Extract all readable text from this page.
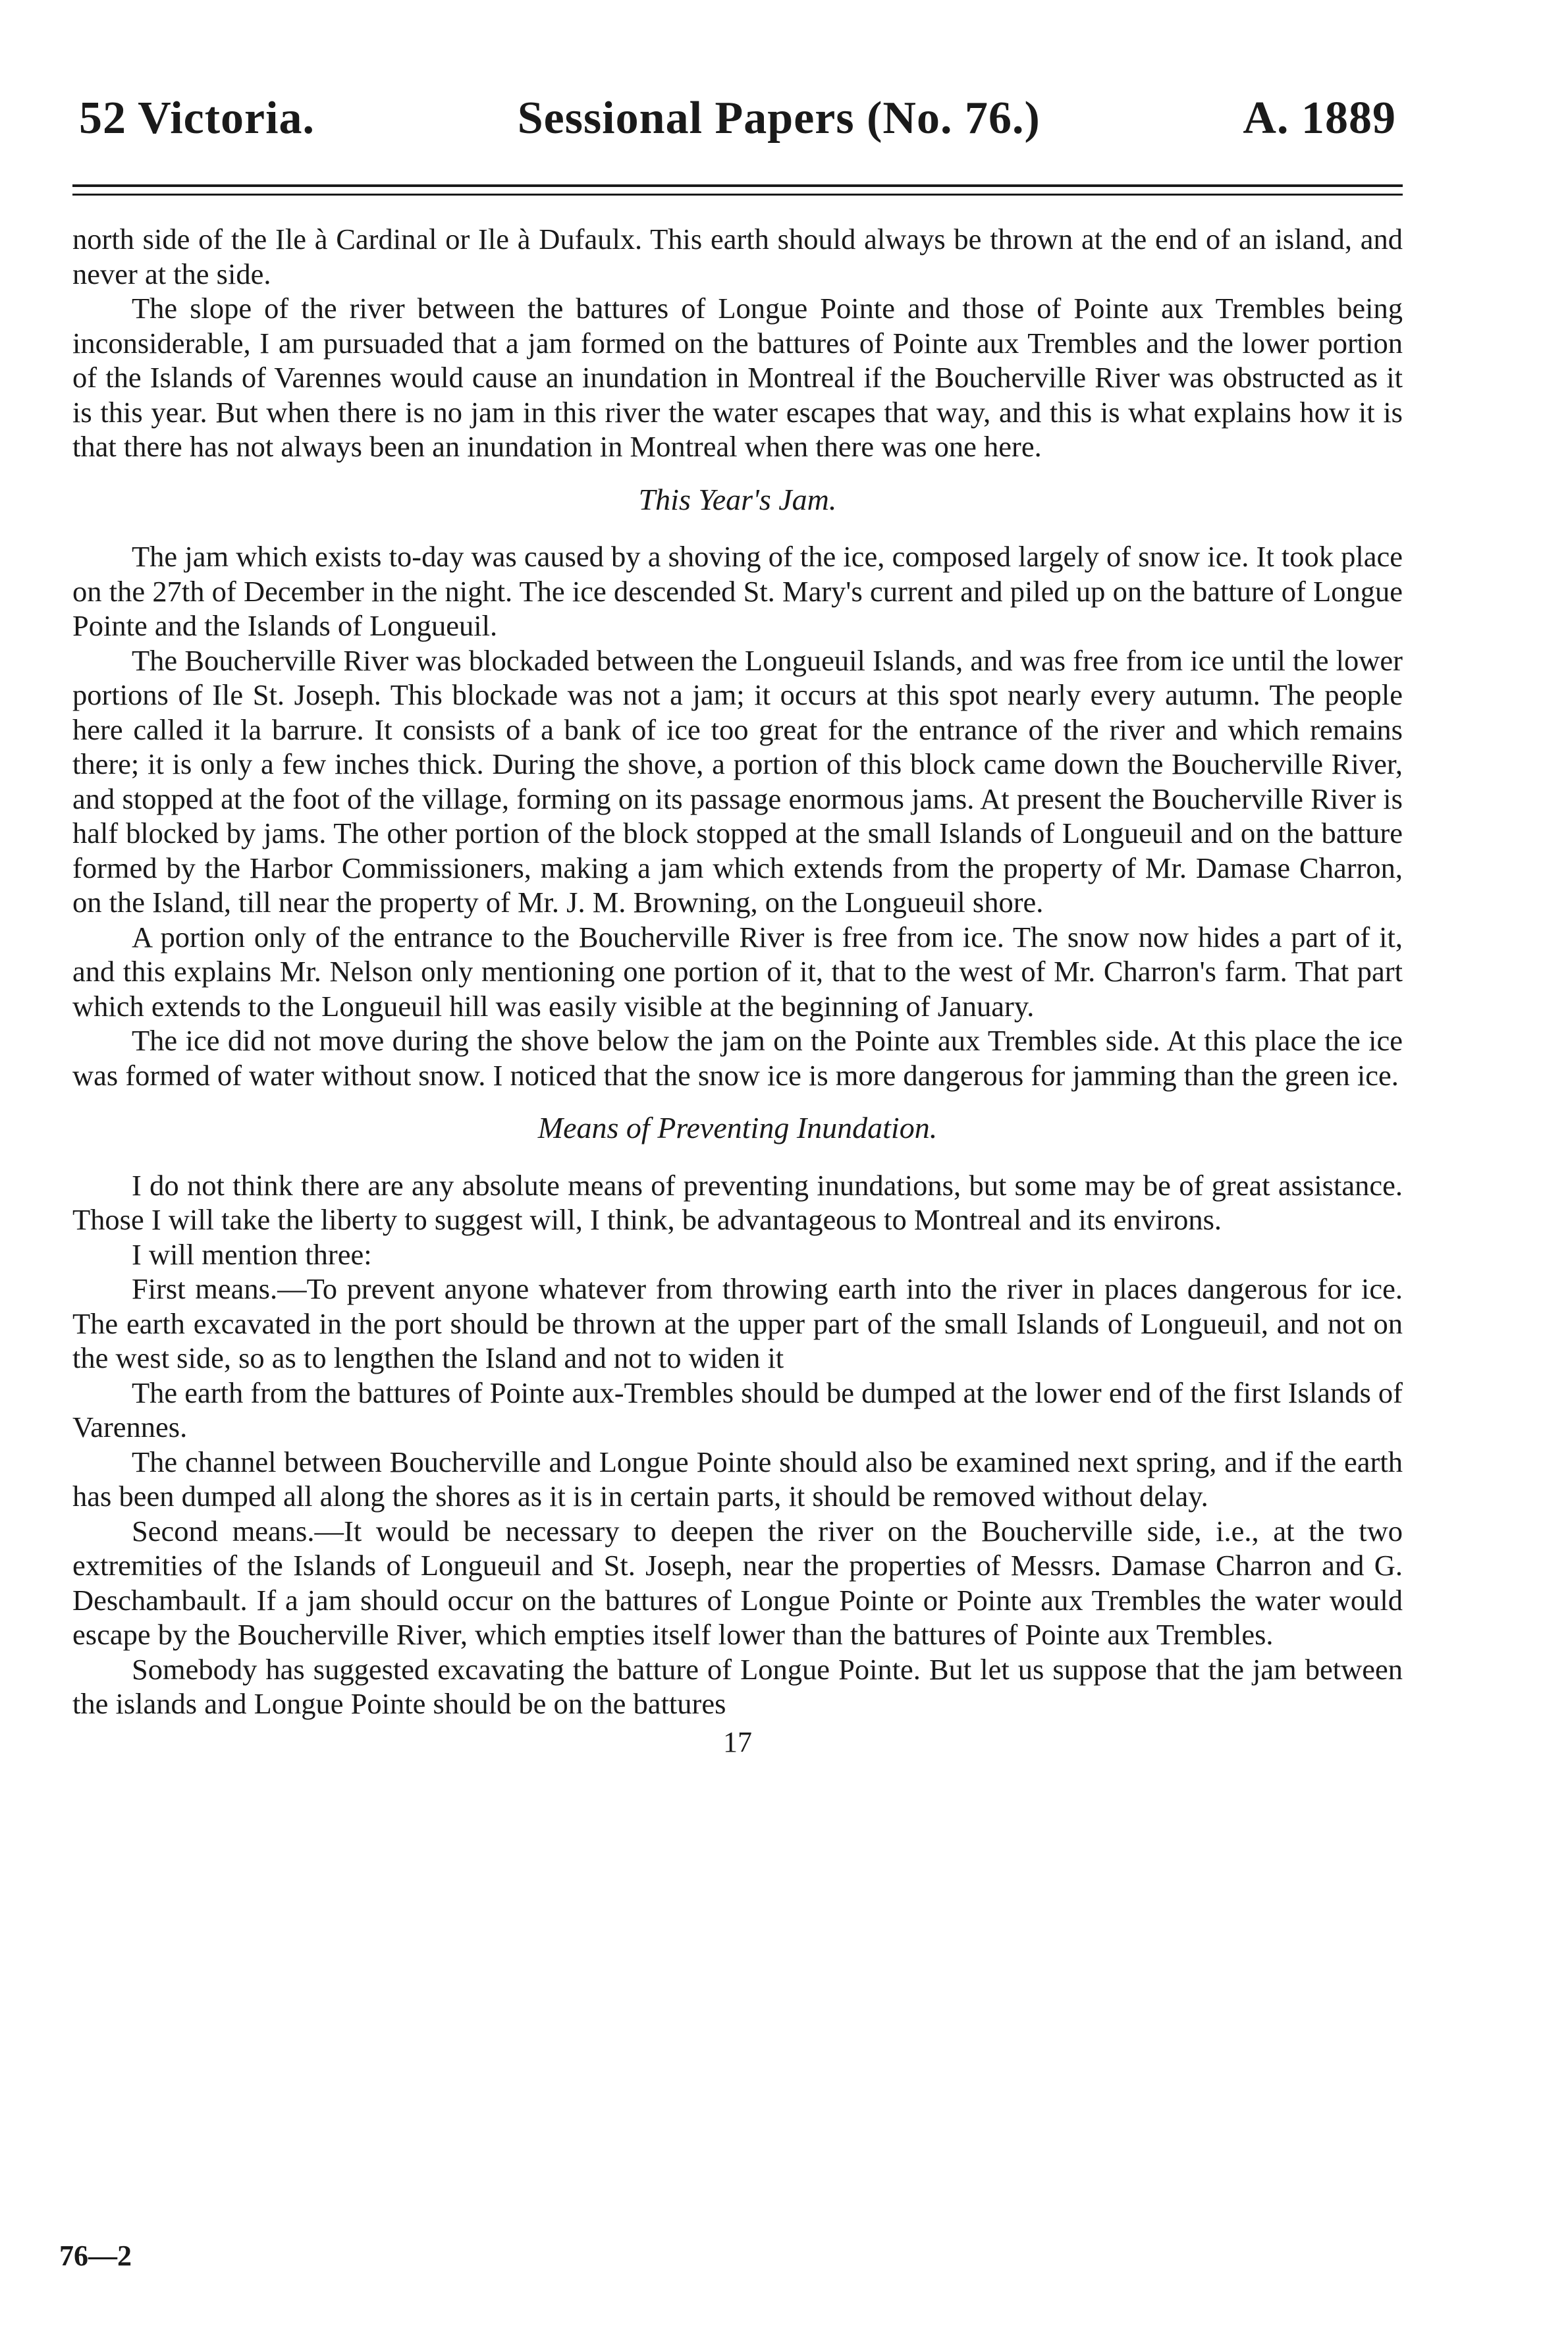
52 Victoria.	Sessional Papers (No. 76.)	A. 1889

north side of the Ile à Cardinal or Ile à Dufaulx. This earth should always be thrown at the end of an island, and never at the side.

The slope of the river between the battures of Longue Pointe and those of Pointe aux Trembles being inconsiderable, I am pursuaded that a jam formed on the battures of Pointe aux Trembles and the lower portion of the Islands of Varennes would cause an inundation in Montreal if the Boucherville River was obstructed as it is this year. But when there is no jam in this river the water escapes that way, and this is what explains how it is that there has not always been an inundation in Montreal when there was one here.

This Year's Jam.

The jam which exists to-day was caused by a shoving of the ice, composed largely of snow ice. It took place on the 27th of December in the night. The ice descended St. Mary's current and piled up on the batture of Longue Pointe and the Islands of Longueuil.

The Boucherville River was blockaded between the Longueuil Islands, and was free from ice until the lower portions of Ile St. Joseph. This blockade was not a jam; it occurs at this spot nearly every autumn. The people here called it la barrure. It consists of a bank of ice too great for the entrance of the river and which remains there; it is only a few inches thick. During the shove, a portion of this block came down the Boucherville River, and stopped at the foot of the village, forming on its passage enormous jams. At present the Boucherville River is half blocked by jams. The other portion of the block stopped at the small Islands of Longueuil and on the batture formed by the Harbor Commissioners, making a jam which extends from the property of Mr. Damase Charron, on the Island, till near the property of Mr. J. M. Browning, on the Longueuil shore.

A portion only of the entrance to the Boucherville River is free from ice. The snow now hides a part of it, and this explains Mr. Nelson only mentioning one portion of it, that to the west of Mr. Charron's farm. That part which extends to the Longueuil hill was easily visible at the beginning of January.

The ice did not move during the shove below the jam on the Pointe aux Trembles side. At this place the ice was formed of water without snow. I noticed that the snow ice is more dangerous for jamming than the green ice.

Means of Preventing Inundation.

I do not think there are any absolute means of preventing inundations, but some may be of great assistance. Those I will take the liberty to suggest will, I think, be advantageous to Montreal and its environs.

I will mention three:

First means.—To prevent anyone whatever from throwing earth into the river in places dangerous for ice. The earth excavated in the port should be thrown at the upper part of the small Islands of Longueuil, and not on the west side, so as to lengthen the Island and not to widen it

The earth from the battures of Pointe aux-Trembles should be dumped at the lower end of the first Islands of Varennes.

The channel between Boucherville and Longue Pointe should also be examined next spring, and if the earth has been dumped all along the shores as it is in certain parts, it should be removed without delay.

Second means.—It would be necessary to deepen the river on the Boucherville side, i.e., at the two extremities of the Islands of Longueuil and St. Joseph, near the properties of Messrs. Damase Charron and G. Deschambault. If a jam should occur on the battures of Longue Pointe or Pointe aux Trembles the water would escape by the Boucherville River, which empties itself lower than the battures of Pointe aux Trembles.

Somebody has suggested excavating the batture of Longue Pointe. But let us suppose that the jam between the islands and Longue Pointe should be on the battures

17
76—2
